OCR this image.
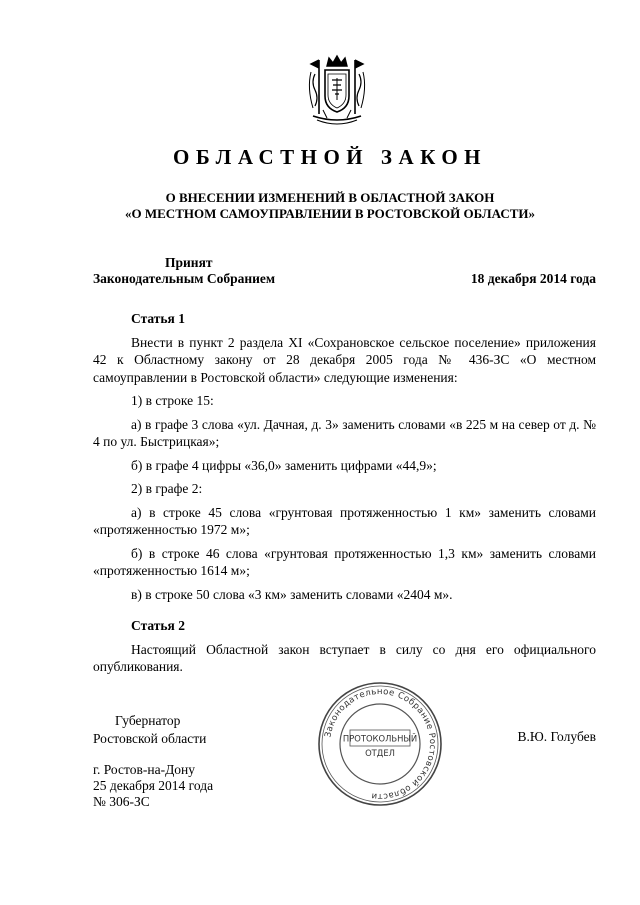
ОБЛАСТНОЙ ЗАКОН
О ВНЕСЕНИИ ИЗМЕНЕНИЙ В ОБЛАСТНОЙ ЗАКОН
«О МЕСТНОМ САМОУПРАВЛЕНИИ В РОСТОВСКОЙ ОБЛАСТИ»
Принят
Законодательным Собранием	18 декабря 2014 года
Статья 1

Внести в пункт 2 раздела XI «Сохрановское сельское поселение» приложения 42 к Областному закону от 28 декабря 2005 года № 436-ЗС «О местном самоуправлении в Ростовской области» следующие изменения:

1) в строке 15:

а) в графе 3 слова «ул. Дачная, д. 3» заменить словами «в 225 м на север от д. № 4 по ул. Быстрицкая»;

б) в графе 4 цифры «36,0» заменить цифрами «44,9»;

2) в графе 2:

а) в строке 45 слова «грунтовая протяженностью 1 км» заменить словами «протяженностью 1972 м»;

б) в строке 46 слова «грунтовая протяженностью 1,3 км» заменить словами «протяженностью 1614 м»;

в) в строке 50 слова «3 км» заменить словами «2404 м».

Статья 2

Настоящий Областной закон вступает в силу со дня его официального опубликования.

Губернатор
Ростовской области	В.Ю. Голубев
г. Ростов-на-Дону
25 декабря 2014 года
№ 306-ЗС
Законодательное Собрание Ростовской области
ПРОТОКОЛЬНЫЙ
ОТДЕЛ
